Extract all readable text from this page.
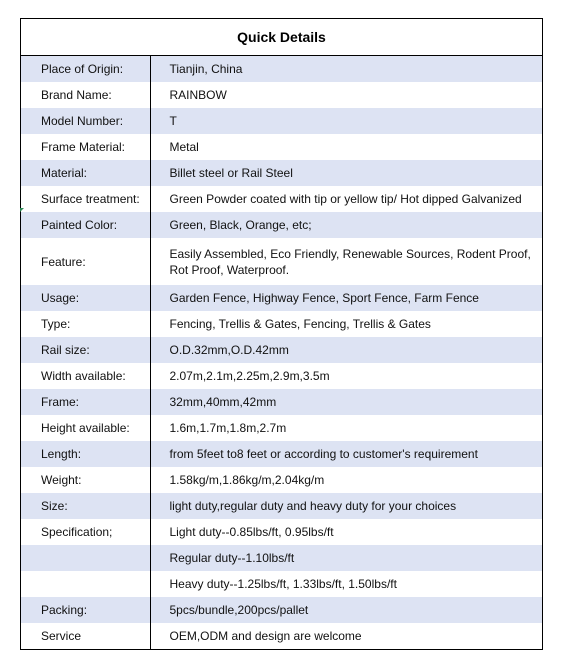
Quick Details
Place of Origin:	Tianjin, China
Brand Name:	RAINBOW
Model Number:	T
Frame Material:	Metal
Material:	Billet steel or Rail Steel
Surface treatment:	Green Powder coated with tip or yellow tip/ Hot dipped Galvanized
Painted Color:	Green, Black, Orange, etc;
Feature:	Easily Assembled, Eco Friendly, Renewable Sources, Rodent Proof, Rot Proof, Waterproof.
Usage:	Garden Fence, Highway Fence, Sport Fence, Farm Fence
Type:	Fencing, Trellis & Gates, Fencing, Trellis & Gates
Rail size:	O.D.32mm,O.D.42mm
Width available:	2.07m,2.1m,2.25m,2.9m,3.5m
Frame:	32mm,40mm,42mm
Height available:	1.6m,1.7m,1.8m,2.7m
Length:	from 5feet to8 feet or according to customer's requirement
Weight:	1.58kg/m,1.86kg/m,2.04kg/m
Size:	light duty,regular duty and heavy duty for your choices
Specification;	Light duty--0.85lbs/ft, 0.95lbs/ft
	Regular duty--1.10lbs/ft
	Heavy duty--1.25lbs/ft, 1.33lbs/ft, 1.50lbs/ft
Packing:	5pcs/bundle,200pcs/pallet
Service	OEM,ODM and design are welcome
